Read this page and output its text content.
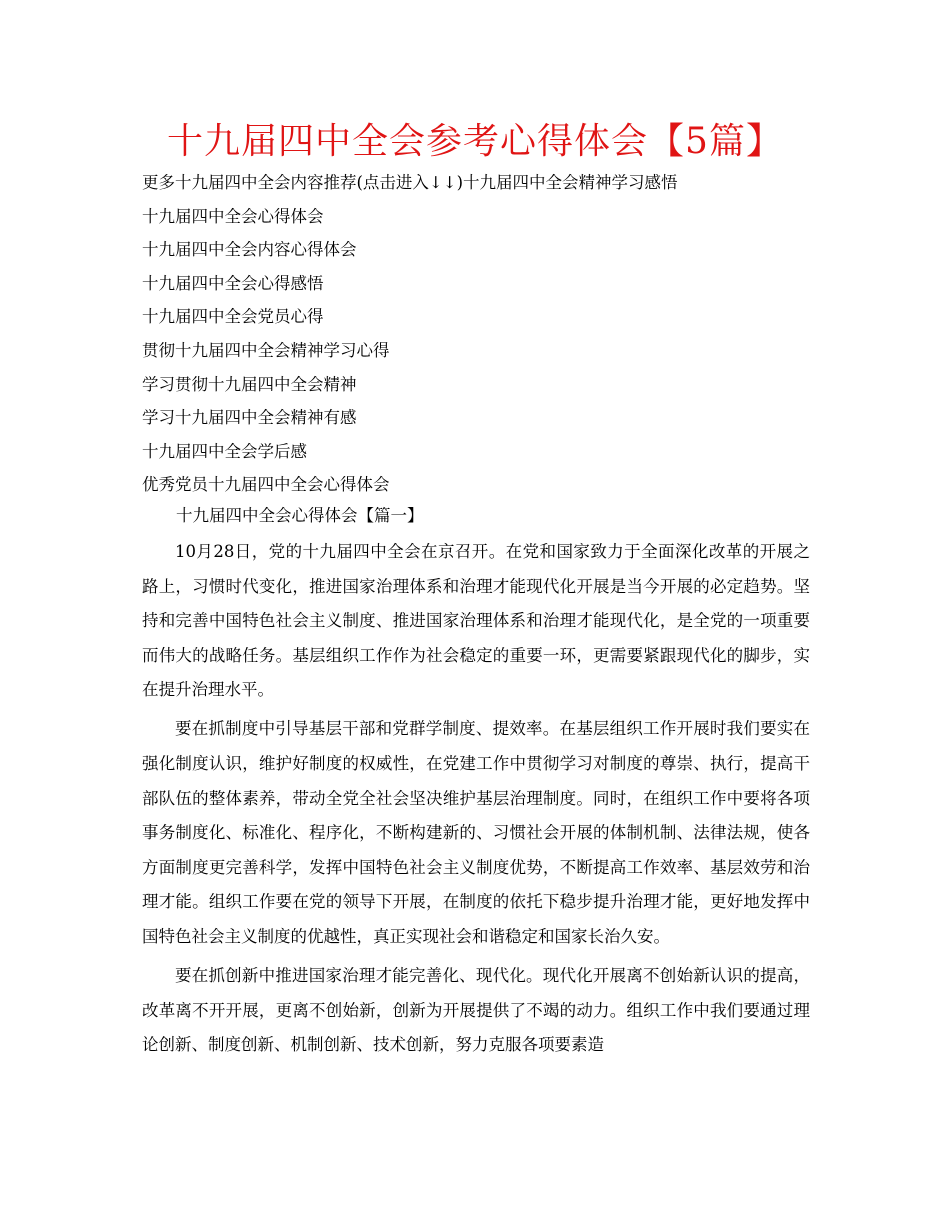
十九届四中全会参考心得体会【5篇】
更多十九届四中全会内容推荐(点击进入↓↓)十九届四中全会精神学习感悟
十九届四中全会心得体会
十九届四中全会内容心得体会
十九届四中全会心得感悟
十九届四中全会党员心得
贯彻十九届四中全会精神学习心得
学习贯彻十九届四中全会精神
学习十九届四中全会精神有感
十九届四中全会学后感
优秀党员十九届四中全会心得体会
十九届四中全会心得体会【篇一】

10月28日，党的十九届四中全会在京召开。在党和国家致力于全面深化改革的开展之路上，习惯时代变化，推进国家治理体系和治理才能现代化开展是当今开展的必定趋势。坚持和完善中国特色社会主义制度、推进国家治理体系和治理才能现代化，是全党的一项重要而伟大的战略任务。基层组织工作作为社会稳定的重要一环，更需要紧跟现代化的脚步，实在提升治理水平。

要在抓制度中引导基层干部和党群学制度、提效率。在基层组织工作开展时我们要实在强化制度认识，维护好制度的权威性，在党建工作中贯彻学习对制度的尊崇、执行，提高干部队伍的整体素养，带动全党全社会坚决维护基层治理制度。同时，在组织工作中要将各项事务制度化、标准化、程序化，不断构建新的、习惯社会开展的体制机制、法律法规，使各方面制度更完善科学，发挥中国特色社会主义制度优势，不断提高工作效率、基层效劳和治理才能。组织工作要在党的领导下开展，在制度的依托下稳步提升治理才能，更好地发挥中国特色社会主义制度的优越性，真正实现社会和谐稳定和国家长治久安。

要在抓创新中推进国家治理才能完善化、现代化。现代化开展离不创始新认识的提高，改革离不开开展，更离不创始新，创新为开展提供了不竭的动力。组织工作中我们要通过理论创新、制度创新、机制创新、技术创新，努力克服各项要素造
